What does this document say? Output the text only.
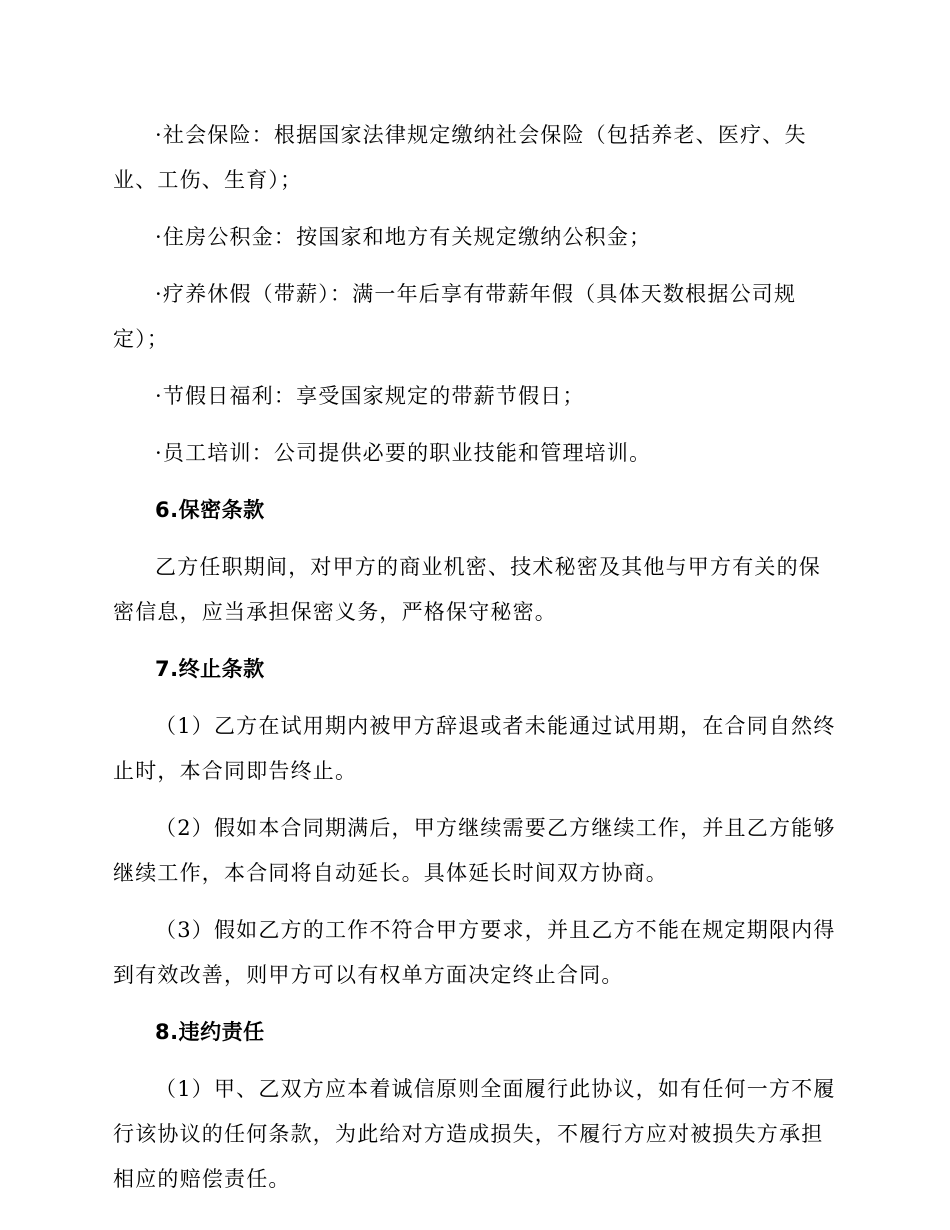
·社会保险：根据国家法律规定缴纳社会保险（包括养老、医疗、失业、工伤、生育）；

·住房公积金：按国家和地方有关规定缴纳公积金；

·疗养休假（带薪）：满一年后享有带薪年假（具体天数根据公司规定）；

·节假日福利：享受国家规定的带薪节假日；

·员工培训：公司提供必要的职业技能和管理培训。

6.保密条款

乙方任职期间，对甲方的商业机密、技术秘密及其他与甲方有关的保密信息，应当承担保密义务，严格保守秘密。

7.终止条款

（1）乙方在试用期内被甲方辞退或者未能通过试用期，在合同自然终止时，本合同即告终止。

（2）假如本合同期满后，甲方继续需要乙方继续工作，并且乙方能够继续工作，本合同将自动延长。具体延长时间双方协商。

（3）假如乙方的工作不符合甲方要求，并且乙方不能在规定期限内得到有效改善，则甲方可以有权单方面决定终止合同。

8.违约责任

（1）甲、乙双方应本着诚信原则全面履行此协议，如有任何一方不履行该协议的任何条款，为此给对方造成损失，不履行方应对被损失方承担相应的赔偿责任。
